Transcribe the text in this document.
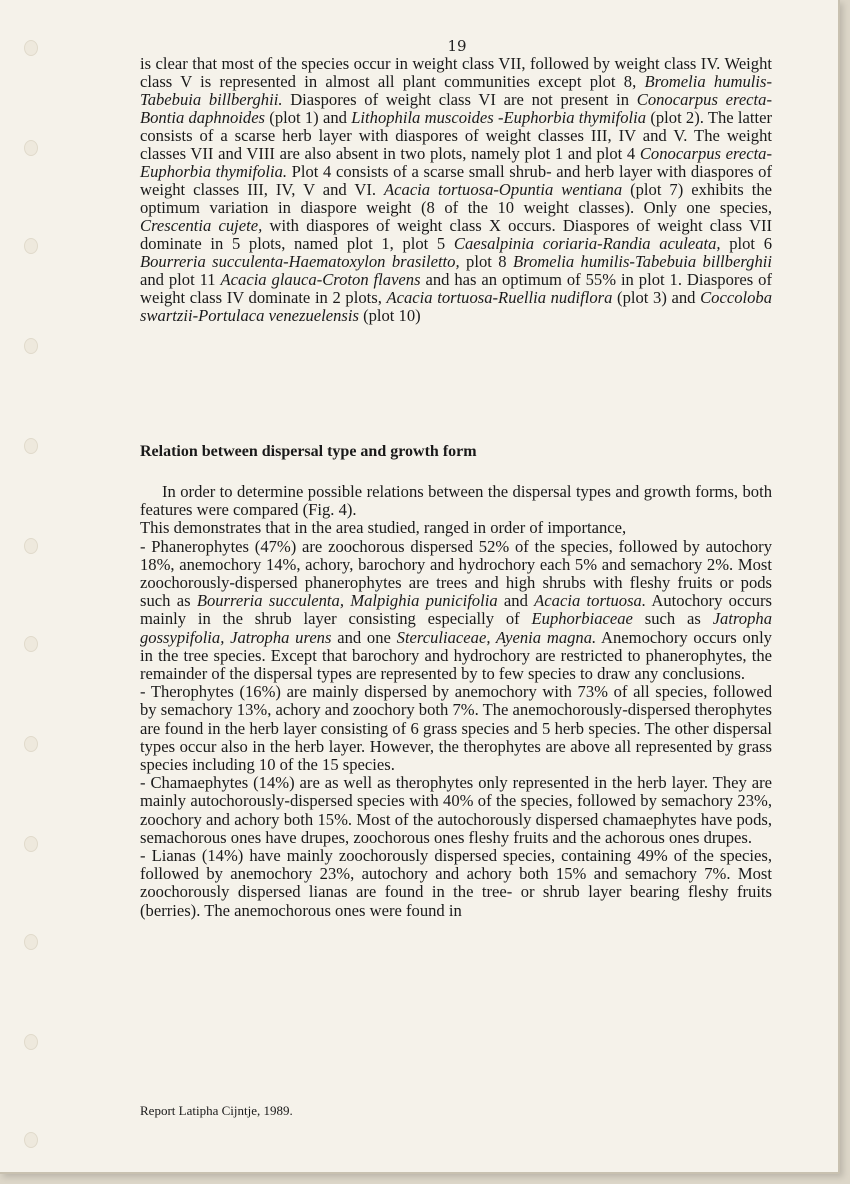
19

is clear that most of the species occur in weight class VII, followed by weight class IV. Weight class V is represented in almost all plant communities except plot 8, Bromelia humulis-Tabebuia billberghii. Diaspores of weight class VI are not present in Conocarpus erecta-Bontia daphnoides (plot 1) and Lithophila muscoides -Euphorbia thymifolia (plot 2). The latter consists of a scarse herb layer with diaspores of weight classes III, IV and V. The weight classes VII and VIII are also absent in two plots, namely plot 1 and plot 4 Conocarpus erecta-Euphorbia thymifolia. Plot 4 consists of a scarse small shrub- and herb layer with diaspores of weight classes III, IV, V and VI. Acacia tortuosa-Opuntia wentiana (plot 7) exhibits the optimum variation in diaspore weight (8 of the 10 weight classes). Only one species, Crescentia cujete, with diaspores of weight class X occurs. Diaspores of weight class VII dominate in 5 plots, named plot 1, plot 5 Caesalpinia coriaria-Randia aculeata, plot 6 Bourreria succulenta-Haematoxylon brasiletto, plot 8 Bromelia humilis-Tabebuia billberghii and plot 11 Acacia glauca-Croton flavens and has an optimum of 55% in plot 1. Diaspores of weight class IV dominate in 2 plots, Acacia tortuosa-Ruellia nudiflora (plot 3) and Coccoloba swartzii-Portulaca venezuelensis (plot 10)

Relation between dispersal type and growth form

In order to determine possible relations between the dispersal types and growth forms, both features were compared (Fig. 4).

This demonstrates that in the area studied, ranged in order of importance,

- Phanerophytes (47%) are zoochorous dispersed 52% of the species, followed by autochory 18%, anemochory 14%, achory, barochory and hydrochory each 5% and semachory 2%. Most zoochorously-dispersed phanerophytes are trees and high shrubs with fleshy fruits or pods such as Bourreria succulenta, Malpighia punicifolia and Acacia tortuosa. Autochory occurs mainly in the shrub layer consisting especially of Euphorbiaceae such as Jatropha gossypifolia, Jatropha urens and one Sterculiaceae, Ayenia magna. Anemochory occurs only in the tree species. Except that barochory and hydrochory are restricted to phanerophytes, the remainder of the dispersal types are represented by to few species to draw any conclusions.

- Therophytes (16%) are mainly dispersed by anemochory with 73% of all species, followed by semachory 13%, achory and zoochory both 7%. The anemochorously-dispersed therophytes are found in the herb layer consisting of 6 grass species and 5 herb species. The other dispersal types occur also in the herb layer. However, the therophytes are above all represented by grass species including 10 of the 15 species.

- Chamaephytes (14%) are as well as therophytes only represented in the herb layer. They are mainly autochorously-dispersed species with 40% of the species, followed by semachory 23%, zoochory and achory both 15%. Most of the autochorously dispersed chamaephytes have pods, semachorous ones have drupes, zoochorous ones fleshy fruits and the achorous ones drupes.

- Lianas (14%) have mainly zoochorously dispersed species, containing 49% of the species, followed by anemochory 23%, autochory and achory both 15% and semachory 7%. Most zoochorously dispersed lianas are found in the tree- or shrub layer bearing fleshy fruits (berries). The anemochorous ones were found in

Report Latipha Cijntje, 1989.
